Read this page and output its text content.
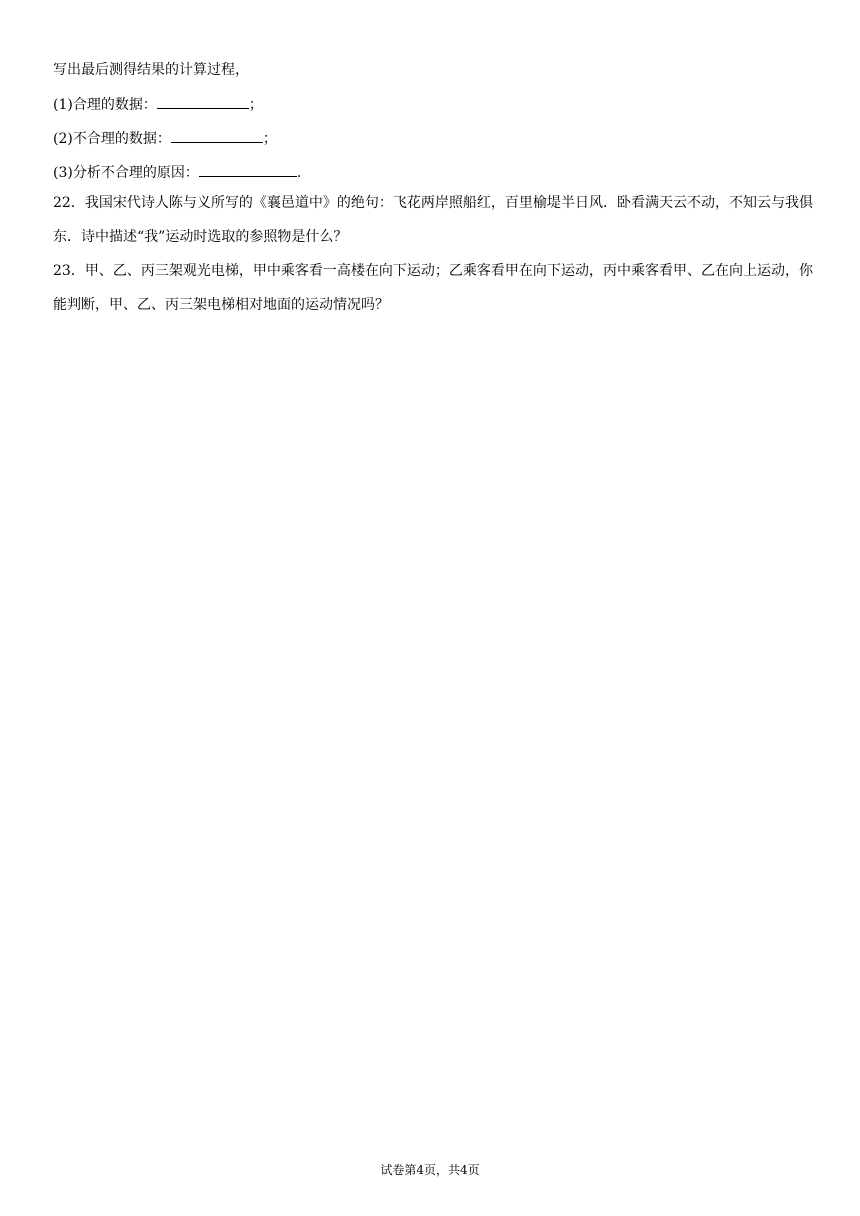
写出最后测得结果的计算过程，
(1)合理的数据：	；
(2)不合理的数据：	；
(3)分析不合理的原因：	.
22．我国宋代诗人陈与义所写的《襄邑道中》的绝句：飞花两岸照船红，百里榆堤半日风．卧看满天云不动，不知云与我俱东．诗中描述“我”运动时选取的参照物是什么？
23．甲、乙、丙三架观光电梯，甲中乘客看一高楼在向下运动；乙乘客看甲在向下运动，丙中乘客看甲、乙在向上运动，你能判断，甲、乙、丙三架电梯相对地面的运动情况吗？
试卷第4页，共4页
